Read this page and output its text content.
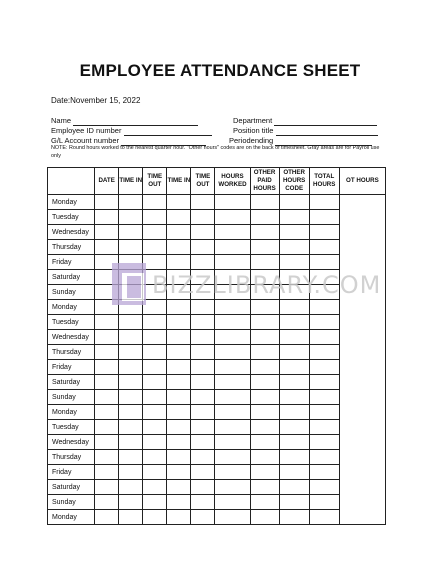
EMPLOYEE ATTENDANCE SHEET
Date:November 15, 2022
Name
Employee ID number
G/L Account number
Department
Position title
Periodending
NOTE: Round hours worked to the nearest quarter hour. "Other hours" codes are on the back of timesheet. Gray areas are for Payroll use only
	DATE	TIME IN	TIME OUT	TIME IN	TIME OUT	HOURS WORKED	OTHER PAID HOURS	OTHER HOURS CODE	TOTAL HOURS	OT HOURS
Monday										
Tuesday										
Wednesday										
Thursday										
Friday										
Saturday										
Sunday										
Monday										
Tuesday										
Wednesday										
Thursday										
Friday										
Saturday										
Sunday										
Monday										
Tuesday										
Wednesday										
Thursday										
Friday										
Saturday										
Sunday										
Monday										
BIZZLIBRARY.COM
